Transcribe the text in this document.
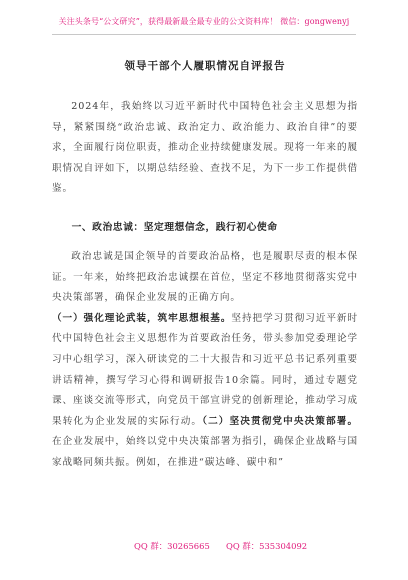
关注头条号“公文研究”，获得最新最全最专业的公文资料库！ 微信：gongwenyj
领导干部个人履职情况自评报告

2024年，我始终以习近平新时代中国特色社会主义思想为指导，紧紧围绕“政治忠诚、政治定力、政治能力、政治自律”的要求，全面履行岗位职责，推动企业持续健康发展。现将一年来的履职情况自评如下，以期总结经验、查找不足，为下一步工作提供借鉴。

一、政治忠诚：坚定理想信念，践行初心使命

政治忠诚是国企领导的首要政治品格，也是履职尽责的根本保证。一年来，始终把政治忠诚摆在首位，坚定不移地贯彻落实党中央决策部署，确保企业发展的正确方向。

（一）强化理论武装，筑牢思想根基。坚持把学习贯彻习近平新时代中国特色社会主义思想作为首要政治任务，带头参加党委理论学习中心组学习，深入研读党的二十大报告和习近平总书记系列重要讲话精神，撰写学习心得和调研报告10余篇。同时，通过专题党课、座谈交流等形式，向党员干部宣讲党的创新理论，推动学习成果转化为企业发展的实际行动。（二）坚决贯彻党中央决策部署。在企业发展中，始终以党中央决策部署为指引，确保企业战略与国家战略同频共振。例如，在推进“碳达峰、碳中和”

QQ 群：30265665 QQ 群：535304092
